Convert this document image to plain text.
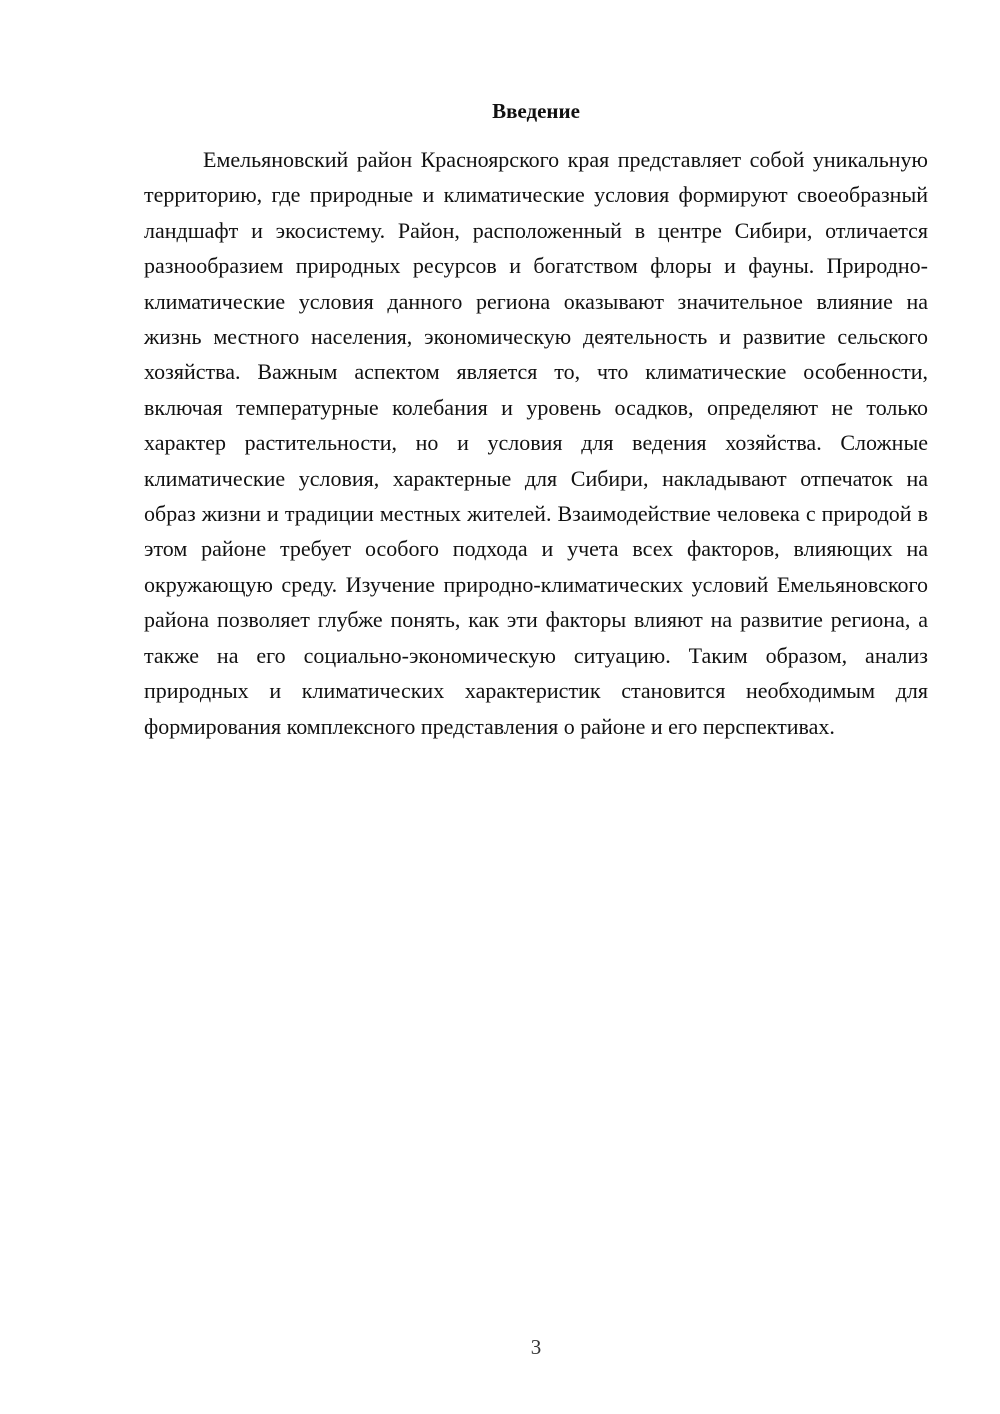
Введение

Емельяновский район Красноярского края представляет собой уникальную территорию, где природные и климатические условия формируют своеобразный ландшафт и экосистему. Район, расположенный в центре Сибири, отличается разнообразием природных ресурсов и богатством флоры и фауны. Природно-климатические условия данного региона оказывают значительное влияние на жизнь местного населения, экономическую деятельность и развитие сельского хозяйства. Важным аспектом является то, что климатические особенности, включая температурные колебания и уровень осадков, определяют не только характер растительности, но и условия для ведения хозяйства. Сложные климатические условия, характерные для Сибири, накладывают отпечаток на образ жизни и традиции местных жителей. Взаимодействие человека с природой в этом районе требует особого подхода и учета всех факторов, влияющих на окружающую среду. Изучение природно-климатических условий Емельяновского района позволяет глубже понять, как эти факторы влияют на развитие региона, а также на его социально-экономическую ситуацию. Таким образом, анализ природных и климатических характеристик становится необходимым для формирования комплексного представления о районе и его перспективах.

3
